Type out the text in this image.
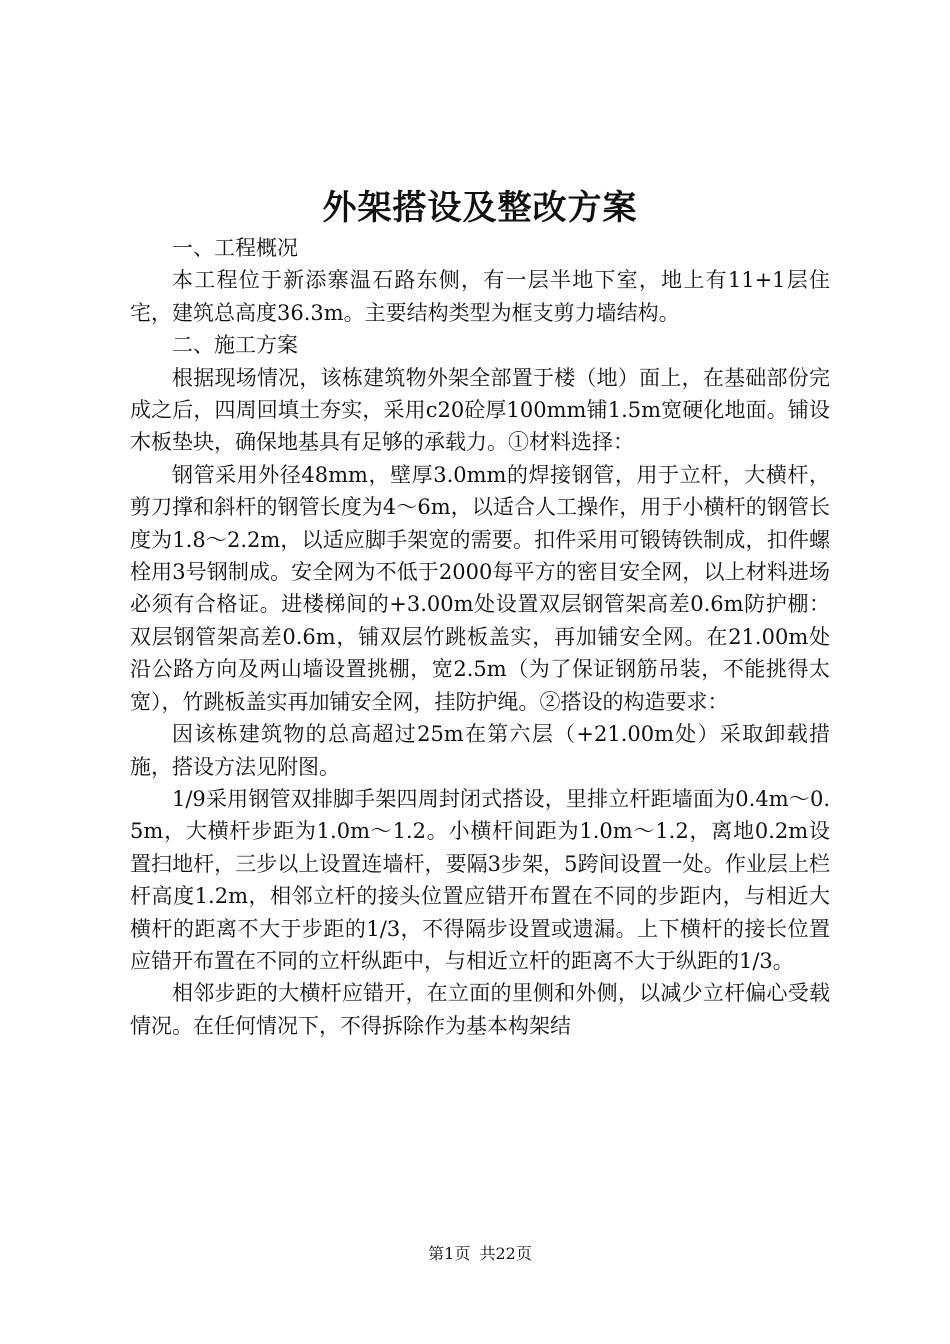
外架搭设及整改方案

一、工程概况

本工程位于新添寨温石路东侧，有一层半地下室，地上有11+1层住宅，建筑总高度36.3m。主要结构类型为框支剪力墙结构。

二、施工方案

根据现场情况，该栋建筑物外架全部置于楼（地）面上，在基础部份完成之后，四周回填土夯实，采用c20砼厚100mm铺1.5m宽硬化地面。铺设木板垫块，确保地基具有足够的承载力。①材料选择：

钢管采用外径48mm，壁厚3.0mm的焊接钢管，用于立杆，大横杆，剪刀撑和斜杆的钢管长度为4～6m，以适合人工操作，用于小横杆的钢管长度为1.8～2.2m，以适应脚手架宽的需要。扣件采用可锻铸铁制成，扣件螺栓用3号钢制成。安全网为不低于2000每平方的密目安全网，以上材料进场必须有合格证。进楼梯间的+3.00m处设置双层钢管架高差0.6m防护棚：双层钢管架高差0.6m，铺双层竹跳板盖实，再加铺安全网。在21.00m处沿公路方向及两山墙设置挑棚，宽2.5m（为了保证钢筋吊装，不能挑得太宽），竹跳板盖实再加铺安全网，挂防护绳。②搭设的构造要求：

因该栋建筑物的总高超过25m在第六层（+21.00m处）采取卸载措施，搭设方法见附图。

1/9采用钢管双排脚手架四周封闭式搭设，里排立杆距墙面为0.4m～0.5m，大横杆步距为1.0m～1.2。小横杆间距为1.0m～1.2，离地0.2m设置扫地杆，三步以上设置连墙杆，要隔3步架，5跨间设置一处。作业层上栏杆高度1.2m，相邻立杆的接头位置应错开布置在不同的步距内，与相近大横杆的距离不大于步距的1/3，不得隔步设置或遗漏。上下横杆的接长位置应错开布置在不同的立杆纵距中，与相近立杆的距离不大于纵距的1/3。

相邻步距的大横杆应错开，在立面的里侧和外侧，以减少立杆偏心受载情况。在任何情况下，不得拆除作为基本构架结

第1页 共22页
